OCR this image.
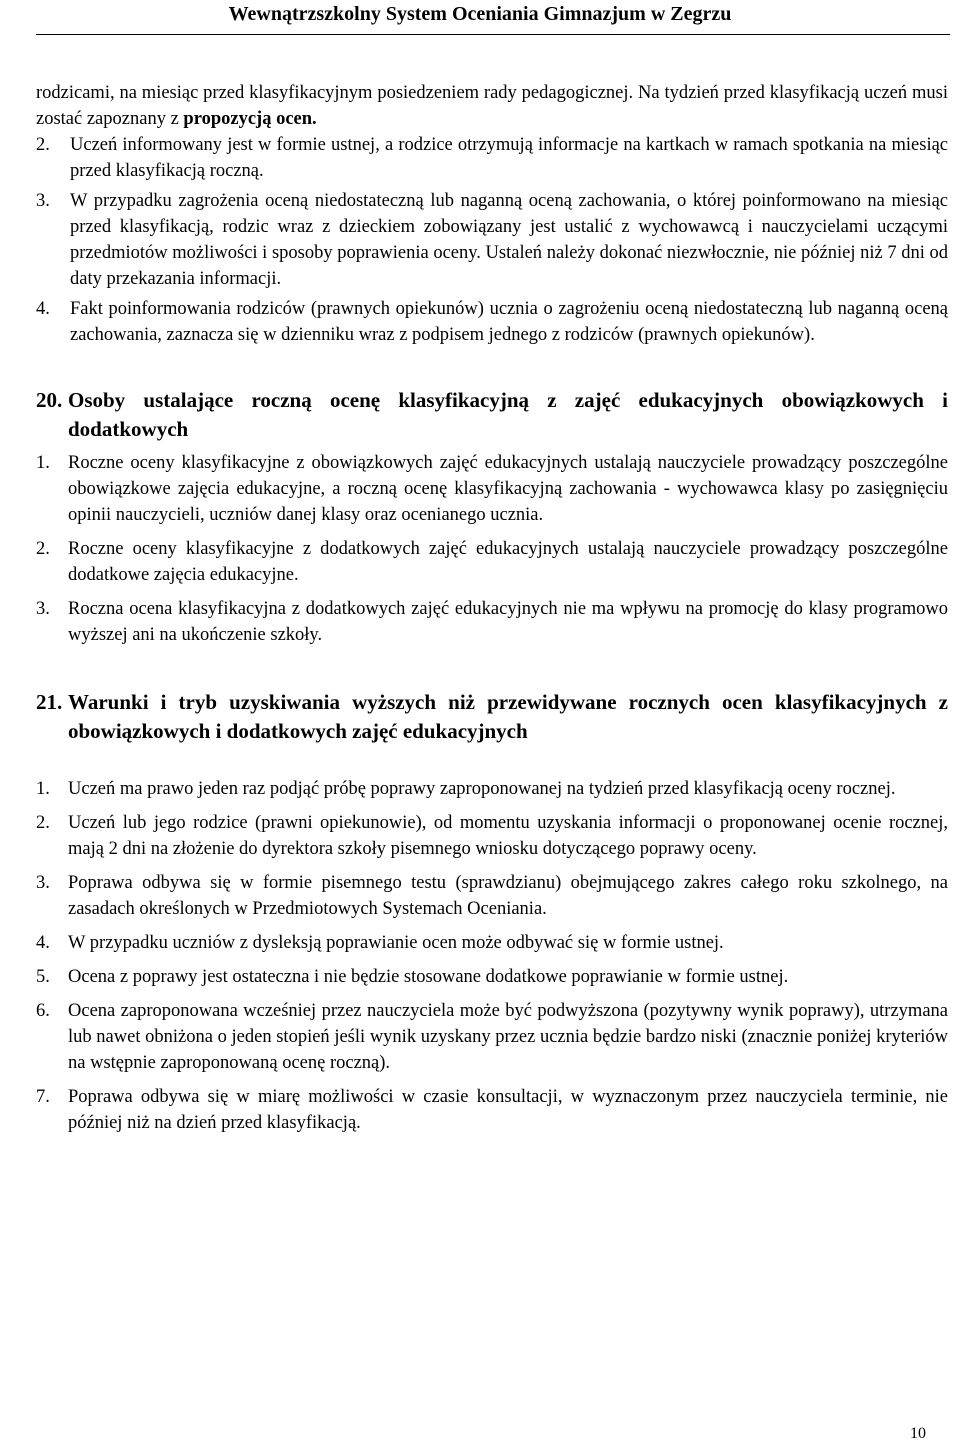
Wewnątrzszkolny System Oceniania Gimnazjum w Zegrzu

rodzicami, na miesiąc przed klasyfikacyjnym posiedzeniem rady pedagogicznej. Na tydzień przed klasyfikacją uczeń musi zostać zapoznany z propozycją ocen.

2.	Uczeń informowany jest w formie ustnej, a rodzice otrzymują informacje na kartkach w ramach spotkania na miesiąc przed klasyfikacją roczną.
3.	W przypadku zagrożenia oceną niedostateczną lub naganną oceną zachowania, o której poinformowano na miesiąc przed klasyfikacją, rodzic wraz z dzieckiem zobowiązany jest ustalić z wychowawcą i nauczycielami uczącymi przedmiotów możliwości i sposoby poprawienia oceny. Ustaleń należy dokonać niezwłocznie, nie później niż 7 dni od daty przekazania informacji.
4.	Fakt poinformowania rodziców (prawnych opiekunów) ucznia o zagrożeniu oceną niedostateczną lub naganną oceną zachowania, zaznacza się w dzienniku wraz z podpisem jednego z rodziców (prawnych opiekunów).
20. Osoby ustalające roczną ocenę klasyfikacyjną z zajęć edukacyjnych obowiązkowych i dodatkowych
1. Roczne oceny klasyfikacyjne z obowiązkowych zajęć edukacyjnych ustalają nauczyciele prowadzący poszczególne obowiązkowe zajęcia edukacyjne, a roczną ocenę klasyfikacyjną zachowania - wychowawca klasy po zasięgnięciu opinii nauczycieli, uczniów danej klasy oraz ocenianego ucznia.
2. Roczne oceny klasyfikacyjne z dodatkowych zajęć edukacyjnych ustalają nauczyciele prowadzący poszczególne dodatkowe zajęcia edukacyjne.
3. Roczna ocena klasyfikacyjna z dodatkowych zajęć edukacyjnych nie ma wpływu na promocję do klasy programowo wyższej ani na ukończenie szkoły.
21. Warunki i tryb uzyskiwania wyższych niż przewidywane rocznych ocen klasyfikacyjnych z obowiązkowych i dodatkowych zajęć edukacyjnych
1. Uczeń ma prawo jeden raz podjąć próbę poprawy zaproponowanej na tydzień przed klasyfikacją oceny rocznej.
2. Uczeń lub jego rodzice (prawni opiekunowie), od momentu uzyskania informacji o proponowanej ocenie rocznej, mają 2 dni na złożenie do dyrektora szkoły pisemnego wniosku dotyczącego poprawy oceny.
3. Poprawa odbywa się w formie pisemnego testu (sprawdzianu) obejmującego zakres całego roku szkolnego, na zasadach określonych w Przedmiotowych Systemach Oceniania.
4. W przypadku uczniów z dysleksją poprawianie ocen może odbywać się w formie ustnej.
5. Ocena z poprawy jest ostateczna i nie będzie stosowane dodatkowe poprawianie w formie ustnej.
6. Ocena zaproponowana wcześniej przez nauczyciela może być podwyższona (pozytywny wynik poprawy), utrzymana lub nawet obniżona o jeden stopień jeśli wynik uzyskany przez ucznia będzie bardzo niski (znacznie poniżej kryteriów na wstępnie zaproponowaną ocenę roczną).
7. Poprawa odbywa się w miarę możliwości w czasie konsultacji, w wyznaczonym przez nauczyciela terminie, nie później niż na dzień przed klasyfikacją.
10
